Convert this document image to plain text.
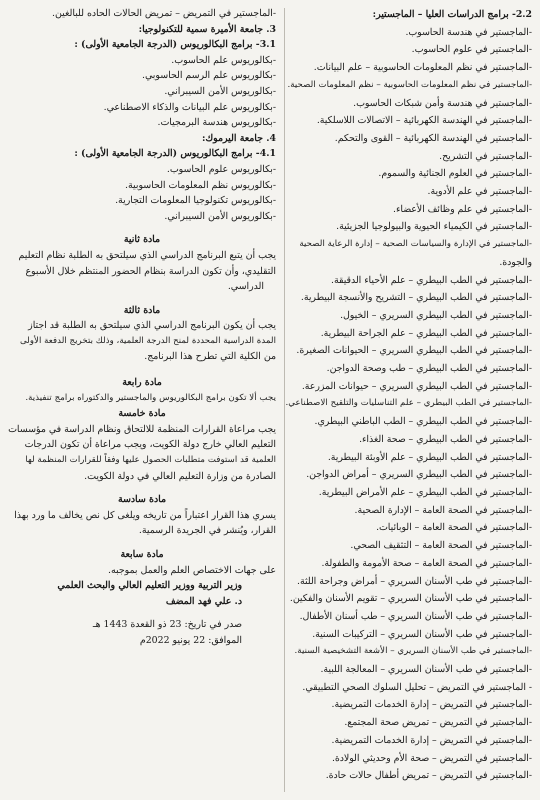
2.2- برامج الدراسات العليا – الماجستير:
-الماجستير في هندسة الحاسوب.
-الماجستير في علوم الحاسوب.
-الماجستير في نظم المعلومات الحاسوبية – علم البيانات.
-الماجستير في نظم المعلومات الحاسوبية – نظم المعلومات الصحية.
-الماجستير في هندسة وأمن شبكات الحاسوب.
-الماجستير في الهندسة الكهربائية – الاتصالات اللاسلكية.
-الماجستير في الهندسة الكهربائية – القوى والتحكم.
-الماجستير في التشريح.
-الماجستير في العلوم الجنائية والسموم.
-الماجستير في علم الأدوية.
-الماجستير في علم وظائف الأعضاء.
-الماجستير في الكيمياء الحيوية والبيولوجيا الجزيئية.
-الماجستير في الإدارة والسياسات الصحية – إدارة الرعاية الصحية
والجودة.
-الماجستير في الطب البيطري – علم الأحياء الدقيقة.
-الماجستير في الطب البيطري – التشريح والأنسجة البيطرية.
-الماجستير في الطب البيطري السريري – الخيول.
-الماجستير في الطب البيطري – علم الجراحة البيطرية.
-الماجستير في الطب البيطري السريري – الحيوانات الصغيرة.
-الماجستير في الطب البيطري – طب وصحة الدواجن.
-الماجستير في الطب البيطري السريري – حيوانات المزرعة.
-الماجستير في الطب البيطري – علم التناسليات والتلقيح الاصطناعي.
-الماجستير في الطب البيطري – الطب الباطني البيطري.
-الماجستير في الطب البيطري – صحة الغذاء.
-الماجستير في الطب البيطري – علم الأوبئة البيطرية.
-الماجستير في الطب البيطري السريري – أمراض الدواجن.
-الماجستير في الطب البيطري – علم الأمراض البيطرية.
-الماجستير في الصحة العامة – الإدارة الصحية.
-الماجستير في الصحة العامة – الوبائيات.
-الماجستير في الصحة العامة – التثقيف الصحي.
-الماجستير في الصحة العامة – صحة الأمومة والطفولة.
-الماجستير في طب الأسنان السريري – أمراض وجراحة اللثة.
-الماجستير في طب الأسنان السريري – تقويم الأسنان والفكين.
-الماجستير في طب الأسنان السريري – طب أسنان الأطفال.
-الماجستير في طب الأسنان السريري – التركيبات السنية.
-الماجستير في طب الأسنان السريري – الأشعة التشخيصية السنية.
-الماجستير في طب الأسنان السريري – المعالجة اللبية.
- الماجستير في التمريض – تحليل السلوك الصحي التطبيقي.
-الماجستير في التمريض – إدارة الخدمات التمريضية.
-الماجستير في التمريض – تمريض صحة المجتمع.
-الماجستير في التمريض – إدارة الخدمات التمريضية.
-الماجستير في التمريض – صحة الأم وحديثي الولادة.
-الماجستير في التمريض – تمريض أطفال حالات حادة.
-الماجستير في التمريض – تمريض الحالات الحاده للبالغين.
3. جامعة الأميرة سمية للتكنولوجيا:
3.1- برامج البكالوريوس (الدرجة الجامعية الأولى) :
-بكالوريوس علم الحاسوب.
-بكالوريوس علم الرسم الحاسوبي.
-بكالوريوس الأمن السيبراني.
-بكالوريوس علم البيانات والذكاء الاصطناعي.
-بكالوريوس هندسة البرمجيات.
4. جامعة اليرموك:
4.1- برامج البكالوريوس (الدرجة الجامعية الأولى) :
-بكالوريوس علوم الحاسوب.
-بكالوريوس نظم المعلومات الحاسوبية.
-بكالوريوس تكنولوجيا المعلومات التجارية.
-بكالوريوس الأمن السيبراني.
مادة ثانية
يجب أن يتبع البرنامج الدراسي الذي سيلتحق به الطلبة نظام التعليم
التقليدي، وأن تكون الدراسة بنظام الحضور المنتظم خلال الأسبوع
الدراسي.
مادة ثالثة
يجب أن يكون البرنامج الدراسي الذي سيلتحق به الطلبة قد اجتاز
المدة الدراسية المحددة لمنح الدرجة العلمية، وذلك بتخريج الدفعة الأولى
من الكلية التي تطرح هذا البرنامج.
مادة رابعة
يجب ألا تكون برامج البكالوريوس والماجستير والدكتوراه برامج تنفيذية.
مادة خامسة
يجب مراعاة القرارات المنظمة للالتحاق ونظام الدراسة في مؤسسات
التعليم العالي خارج دولة الكويت، ويجب مراعاة أن تكون الدرجات
العلمية قد استوفت متطلبات الحصول عليها وفقاً للقرارات المنظمة لها
الصادرة من وزارة التعليم العالي في دولة الكويت.
مادة سادسة
يسري هذا القرار اعتباراً من تاريخه ويلغى كل نص يخالف ما ورد بهذا
القرار، ويُنشر في الجريدة الرسمية.
مادة سابعة
على جهات الاختصاص العلم والعمل بموجبه.
وزير التربية ووزير التعليم العالي والبحث العلمي
د. علي فهد المضف
صدر في تاريخ: 23 ذو القعدة 1443 هـ
الموافق: 22 يونيو 2022م
